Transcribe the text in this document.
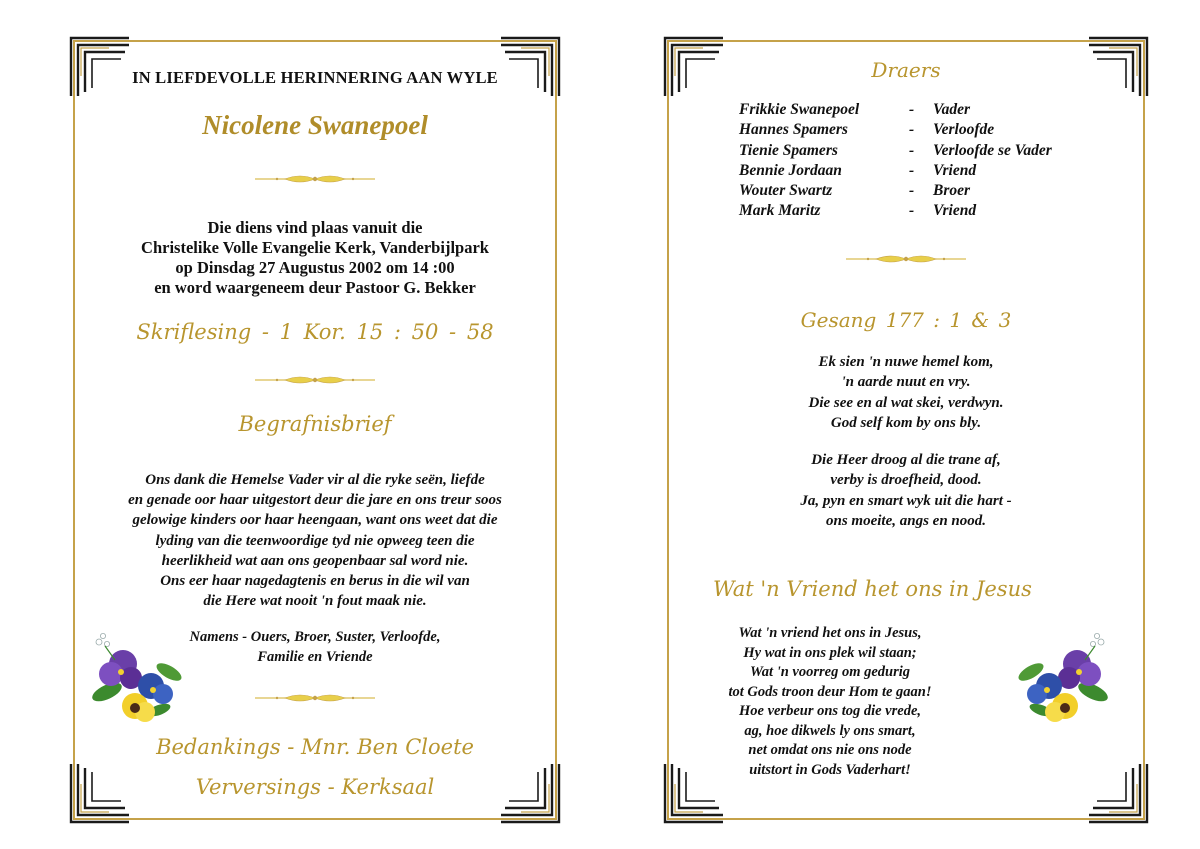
IN LIEFDEVOLLE HERINNERING AAN WYLE
Nicolene Swanepoel
Die diens vind plaas vanuit die
Christelike Volle Evangelie Kerk, Vanderbijlpark
op Dinsdag 27 Augustus 2002 om 14 :00
en word waargeneem deur Pastoor G. Bekker
Skriflesing - 1 Kor. 15 : 50 - 58
Begrafnisbrief
Ons dank die Hemelse Vader vir al die ryke seën, liefde
en genade oor haar uitgestort deur die jare en ons treur soos
gelowige kinders oor haar heengaan, want ons weet dat die
lyding van die teenwoordige tyd nie opweeg teen die
heerlikheid wat aan ons geopenbaar sal word nie.
Ons eer haar nagedagtenis en berus in die wil van
die Here wat nooit 'n fout maak nie.
Namens - Ouers, Broer, Suster, Verloofde,
Familie en Vriende
Bedankings - Mnr. Ben Cloete
Verversings - Kerksaal
Draers
Frikkie Swanepoel	-	Vader
Hannes Spamers	-	Verloofde
Tienie Spamers	-	Verloofde se Vader
Bennie Jordaan	-	Vriend
Wouter Swartz	-	Broer
Mark Maritz	-	Vriend
Gesang 177 : 1 & 3
Ek sien 'n nuwe hemel kom,
'n aarde nuut en vry.
Die see en al wat skei, verdwyn.
God self kom by ons bly.
Die Heer droog al die trane af,
verby is droefheid, dood.
Ja, pyn en smart wyk uit die hart -
ons moeite, angs en nood.
Wat 'n Vriend het ons in Jesus
Wat 'n vriend het ons in Jesus,
Hy wat in ons plek wil staan;
Wat 'n voorreg om gedurig
tot Gods troon deur Hom te gaan!
Hoe verbeur ons tog die vrede,
ag, hoe dikwels ly ons smart,
net omdat ons nie ons node
uitstort in Gods Vaderhart!
